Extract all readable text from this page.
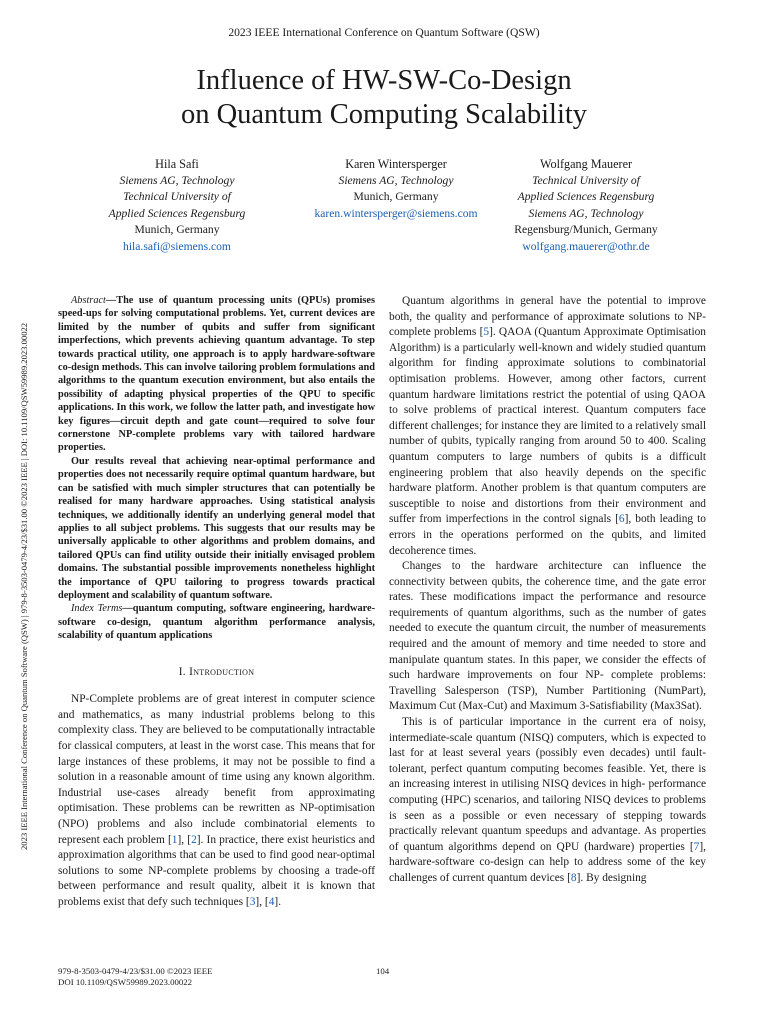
2023 IEEE International Conference on Quantum Software (QSW)
Influence of HW-SW-Co-Design
on Quantum Computing Scalability
Hila Safi
Siemens AG, Technology
Technical University of
Applied Sciences Regensburg
Munich, Germany
hila.safi@siemens.com
Karen Wintersperger
Siemens AG, Technology
Munich, Germany
karen.wintersperger@siemens.com
Wolfgang Mauerer
Technical University of
Applied Sciences Regensburg
Siemens AG, Technology
Regensburg/Munich, Germany
wolfgang.mauerer@othr.de
2023 IEEE International Conference on Quantum Software (QSW) | 979-8-3503-0479-4/23/$31.00 ©2023 IEEE | DOI: 10.1109/QSW59989.2023.00022

Abstract—The use of quantum processing units (QPUs) promises speed-ups for solving computational problems. Yet, current devices are limited by the number of qubits and suffer from significant imperfections, which prevents achieving quantum advantage. To step towards practical utility, one approach is to apply hardware-software co-design methods. This can involve tailoring problem formulations and algorithms to the quantum execution environment, but also entails the possibility of adapting physical properties of the QPU to specific applications. In this work, we follow the latter path, and investigate how key figures—circuit depth and gate count—required to solve four cornerstone NP-complete problems vary with tailored hardware properties.

Our results reveal that achieving near-optimal performance and properties does not necessarily require optimal quantum hardware, but can be satisfied with much simpler structures that can potentially be realised for many hardware approaches. Using statistical analysis techniques, we additionally identify an underlying general model that applies to all subject problems. This suggests that our results may be universally applicable to other algorithms and problem domains, and tailored QPUs can find utility outside their initially envisaged problem domains. The substantial possible improvements nonetheless highlight the importance of QPU tailoring to progress towards practical deployment and scalability of quantum software.

Index Terms—quantum computing, software engineering, hardware-software co-design, quantum algorithm performance analysis, scalability of quantum applications

I. Introduction

NP-Complete problems are of great interest in computer science and mathematics, as many industrial problems belong to this complexity class. They are believed to be computationally intractable for classical computers, at least in the worst case. This means that for large instances of these problems, it may not be possible to find a solution in a reasonable amount of time using any known algorithm. Industrial use-cases already benefit from approximating optimisation. These problems can be rewritten as NP-optimisation (NPO) problems and also include combinatorial elements to represent each problem [1], [2]. In practice, there exist heuristics and approximation algorithms that can be used to find good near-optimal solutions to some NP-complete problems by choosing a trade-off between performance and result quality, albeit it is known that problems exist that defy such techniques [3], [4].

Quantum algorithms in general have the potential to improve both, the quality and performance of approximate solutions to NP-complete problems [5]. QAOA (Quantum Approximate Optimisation Algorithm) is a particularly well-known and widely studied quantum algorithm for finding approximate solutions to combinatorial optimisation problems. However, among other factors, current quantum hardware limitations restrict the potential of using QAOA to solve problems of practical interest. Quantum computers face different challenges; for instance they are limited to a relatively small number of qubits, typically ranging from around 50 to 400. Scaling quantum computers to large numbers of qubits is a difficult engineering problem that also heavily depends on the specific hardware platform. Another problem is that quantum computers are susceptible to noise and distortions from their environment and suffer from imperfections in the control signals [6], both leading to errors in the operations performed on the qubits, and limited decoherence times.

Changes to the hardware architecture can influence the connectivity between qubits, the coherence time, and the gate error rates. These modifications impact the performance and resource requirements of quantum algorithms, such as the number of gates needed to execute the quantum circuit, the number of measurements required and the amount of memory and time needed to store and manipulate quantum states. In this paper, we consider the effects of such hardware improvements on four NP- complete problems: Travelling Salesperson (TSP), Number Partitioning (NumPart), Maximum Cut (Max-Cut) and Maximum 3-Satisfiability (Max3Sat).

This is of particular importance in the current era of noisy, intermediate-scale quantum (NISQ) computers, which is expected to last for at least several years (possibly even decades) until fault-tolerant, perfect quantum computing becomes feasible. Yet, there is an increasing interest in utilising NISQ devices in high- performance computing (HPC) scenarios, and tailoring NISQ devices to problems is seen as a possible or even necessary of stepping towards practically relevant quantum speedups and advantage. As properties of quantum algorithms depend on QPU (hardware) properties [7], hardware-software co-design can help to address some of the key challenges of current quantum devices [8]. By designing

979-8-3503-0479-4/23/$31.00 ©2023 IEEE
DOI 10.1109/QSW59989.2023.00022
104
